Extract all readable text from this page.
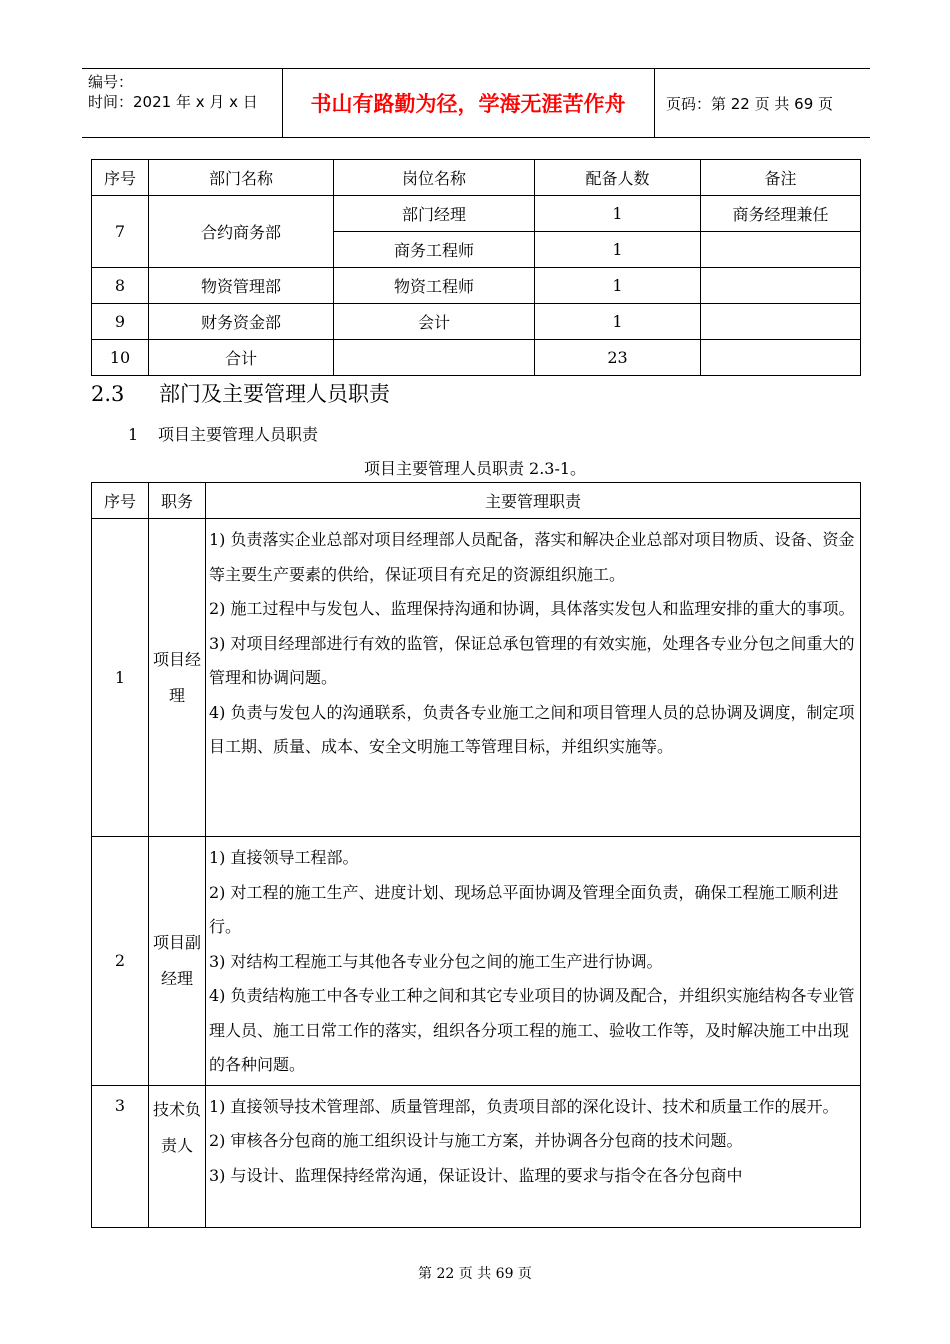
编号：
时间：2021 年 x 月 x 日	书山有路勤为径，学海无涯苦作舟	页码：第 22 页 共 69 页
序号	部门名称	岗位名称	配备人数	备注
7	合约商务部	部门经理	1	商务经理兼任
		商务工程师	1	
8	物资管理部	物资工程师	1	
9	财务资金部	会计	1	
10	合计		23	
2.3 部门及主要管理人员职责
1 项目主要管理人员职责
项目主要管理人员职责 2.3-1。
序号	职务	主要管理职责
1	项目经理	1) 负责落实企业总部对项目经理部人员配备，落实和解决企业总部对项目物质、设备、资金等主要生产要素的供给，保证项目有充足的资源组织施工。

2) 施工过程中与发包人、监理保持沟通和协调，具体落实发包人和监理安排的重大的事项。

3) 对项目经理部进行有效的监管，保证总承包管理的有效实施，处理各专业分包之间重大的管理和协调问题。

4) 负责与发包人的沟通联系，负责各专业施工之间和项目管理人员的总协调及调度，制定项目工期、质量、成本、安全文明施工等管理目标，并组织实施等。

2	项目副经理	1) 直接领导工程部。

2) 对工程的施工生产、进度计划、现场总平面协调及管理全面负责，确保工程施工顺利进行。

3) 对结构工程施工与其他各专业分包之间的施工生产进行协调。

4) 负责结构施工中各专业工种之间和其它专业项目的协调及配合，并组织实施结构各专业管理人员、施工日常工作的落实，组织各分项工程的施工、验收工作等，及时解决施工中出现的各种问题。

3	技术负责人	1) 直接领导技术管理部、质量管理部，负责项目部的深化设计、技术和质量工作的展开。

2) 审核各分包商的施工组织设计与施工方案，并协调各分包商的技术问题。

3) 与设计、监理保持经常沟通，保证设计、监理的要求与指令在各分包商中

第 22 页 共 69 页
